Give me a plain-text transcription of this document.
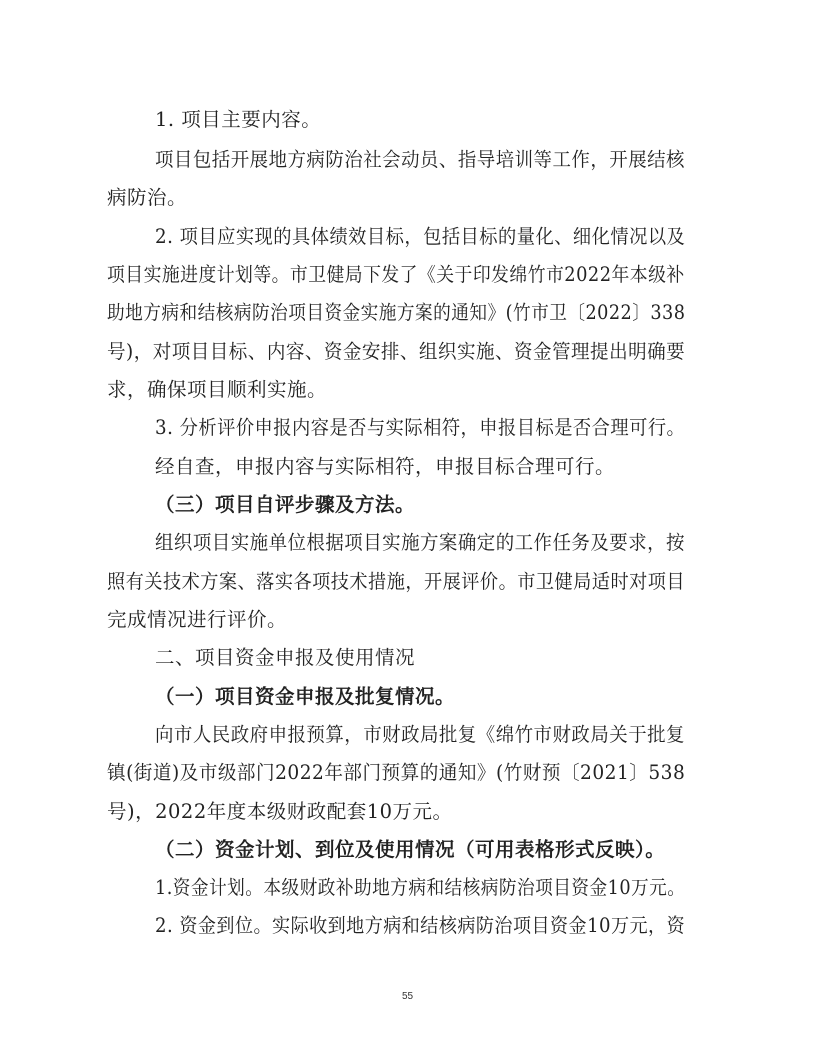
1. 项目主要内容。
项目包括开展地方病防治社会动员、指导培训等工作，开展结核
病防治。
2. 项目应实现的具体绩效目标，包括目标的量化、细化情况以及
项目实施进度计划等。市卫健局下发了《关于印发绵竹市2022年本级补
助地方病和结核病防治项目资金实施方案的通知》(竹市卫〔2022〕338
号)，对项目目标、内容、资金安排、组织实施、资金管理提出明确要
求，确保项目顺利实施。
3. 分析评价申报内容是否与实际相符，申报目标是否合理可行。
经自查，申报内容与实际相符，申报目标合理可行。
（三）项目自评步骤及方法。
组织项目实施单位根据项目实施方案确定的工作任务及要求，按
照有关技术方案、落实各项技术措施，开展评价。市卫健局适时对项目
完成情况进行评价。
二、项目资金申报及使用情况
（一）项目资金申报及批复情况。
向市人民政府申报预算，市财政局批复《绵竹市财政局关于批复
镇(街道)及市级部门2022年部门预算的通知》(竹财预〔2021〕538
号)，2022年度本级财政配套10万元。
（二）资金计划、到位及使用情况（可用表格形式反映）。
1.资金计划。本级财政补助地方病和结核病防治项目资金10万元。
2. 资金到位。实际收到地方病和结核病防治项目资金10万元，资
55
